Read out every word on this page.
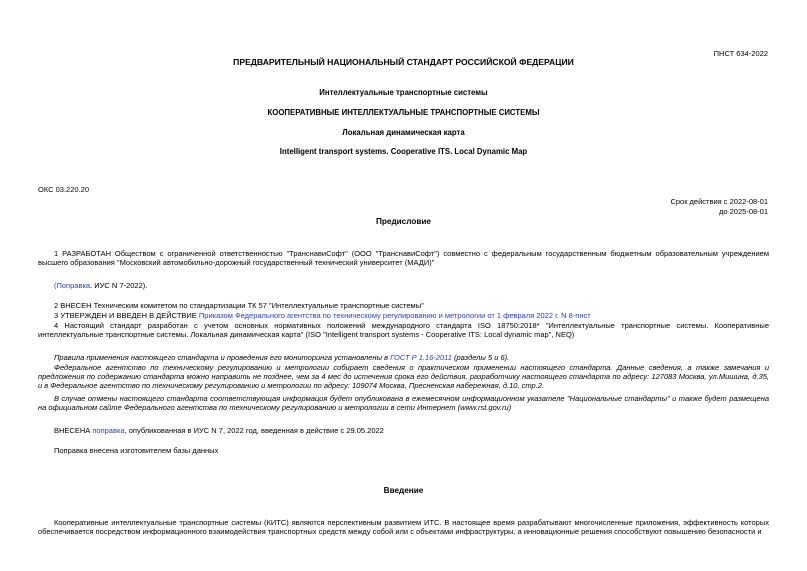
ПНСТ 634-2022
ПРЕДВАРИТЕЛЬНЫЙ НАЦИОНАЛЬНЫЙ СТАНДАРТ РОССИЙСКОЙ ФЕДЕРАЦИИ
Интеллектуальные транспортные системы
КООПЕРАТИВНЫЕ ИНТЕЛЛЕКТУАЛЬНЫЕ ТРАНСПОРТНЫЕ СИСТЕМЫ
Локальная динамическая карта
Intelligent transport systems. Cooperative ITS. Local Dynamic Map
ОКС 03.220.20
Срок действия с 2022-08-01
до 2025-08-01
Предисловие
1 РАЗРАБОТАН Обществом с ограниченной ответственностью "ТранснавиСофт" (ООО "ТранснавиСофт") совместно с федеральным государственным бюджетным образовательным учреждением высшего образования "Московский автомобильно-дорожный государственный технический университет (МАДИ)"
(Поправка. ИУС N 7-2022).
2 ВНЕСЕН Техническим комитетом по стандартизации ТК 57 "Интеллектуальные транспортные системы"
3 УТВЕРЖДЕН И ВВЕДЕН В ДЕЙСТВИЕ Приказом Федерального агентства по техническому регулированию и метрологии от 1 февраля 2022 г. N 8-пнст
4 Настоящий стандарт разработан с учетом основных нормативных положений международного стандарта ISO 18750:2018* "Интеллектуальные транспортные системы. Кооперативные интеллектуальные транспортные системы. Локальная динамическая карта" (ISO "Intelligent transport systems - Cooperative ITS: Local dynamic map", NEQ)
Правила применения настоящего стандарта и проведения его мониторинга установлены в ГОСТ Р 1.16-2011 (разделы 5 и 6).
Федеральное агентство по техническому регулированию и метрологии собирает сведения о практическом применении настоящего стандарта. Данные сведения, а также замечания и предложения по содержанию стандарта можно направить не позднее, чем за 4 мес до истечения срока его действия, разработчику настоящего стандарта по адресу: 127083 Москва, ул.Мишина, д.35, и в Федеральное агентство по техническому регулированию и метрологии по адресу: 109074 Москва, Пресненская набережная, д.10, стр.2.
В случае отмены настоящего стандарта соответствующая информация будет опубликована в ежемесячном информационном указателе "Национальные стандарты" и также будет размещена на официальном сайте Федерального агентства по техническому регулированию и метрологии в сети Интернет (www.rst.gov.ru)
ВНЕСЕНА поправка, опубликованная в ИУС N 7, 2022 год, введенная в действие с 29.05.2022
Поправка внесена изготовителем базы данных
Введение
Кооперативные интеллектуальные транспортные системы (КИТС) являются перспективным развитием ИТС. В настоящее время разрабатывают многочисленные приложения, эффективность которых обеспечивается посредством информационного взаимодействия транспортных средств между собой или с объектами инфраструктуры, а инновационные решения способствуют повышению безопасности и
